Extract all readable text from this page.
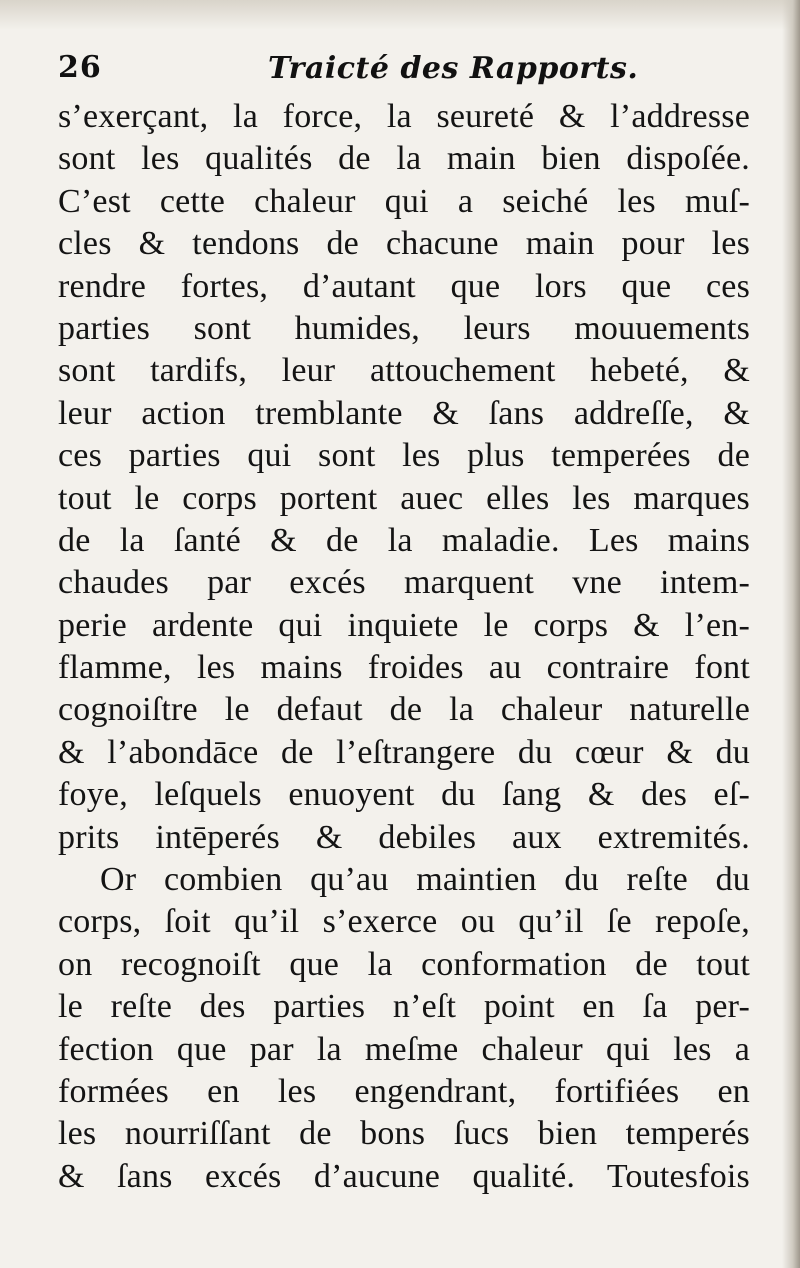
26	Traicté des Rapports.
s’exerçant, la force, la seureté & l’addresse
sont les qualités de la main bien dispoſée.
C’est cette chaleur qui a seiché les muſ-
cles & tendons de chacune main pour les
rendre fortes, d’autant que lors que ces
parties sont humides, leurs mouuements
sont tardifs, leur attouchement hebeté, &
leur action tremblante & ſans addreſſe, &
ces parties qui sont les plus temperées de
tout le corps portent auec elles les marques
de la ſanté & de la maladie. Les mains
chaudes par excés marquent vne intem-
perie ardente qui inquiete le corps & l’en-
flamme, les mains froides au contraire font
cognoiſtre le defaut de la chaleur naturelle
& l’abondāce de l’eſtrangere du cœur & du
foye, leſquels enuoyent du ſang & des eſ-
prits intēperés & debiles aux extremités.
Or combien qu’au maintien du reſte du
corps, ſoit qu’il s’exerce ou qu’il ſe repoſe,
on recognoiſt que la conformation de tout
le reſte des parties n’eſt point en ſa per-
fection que par la meſme chaleur qui les a
formées en les engendrant, fortifiées en
les nourriſſant de bons ſucs bien temperés
& ſans excés d’aucune qualité. Toutesfois
